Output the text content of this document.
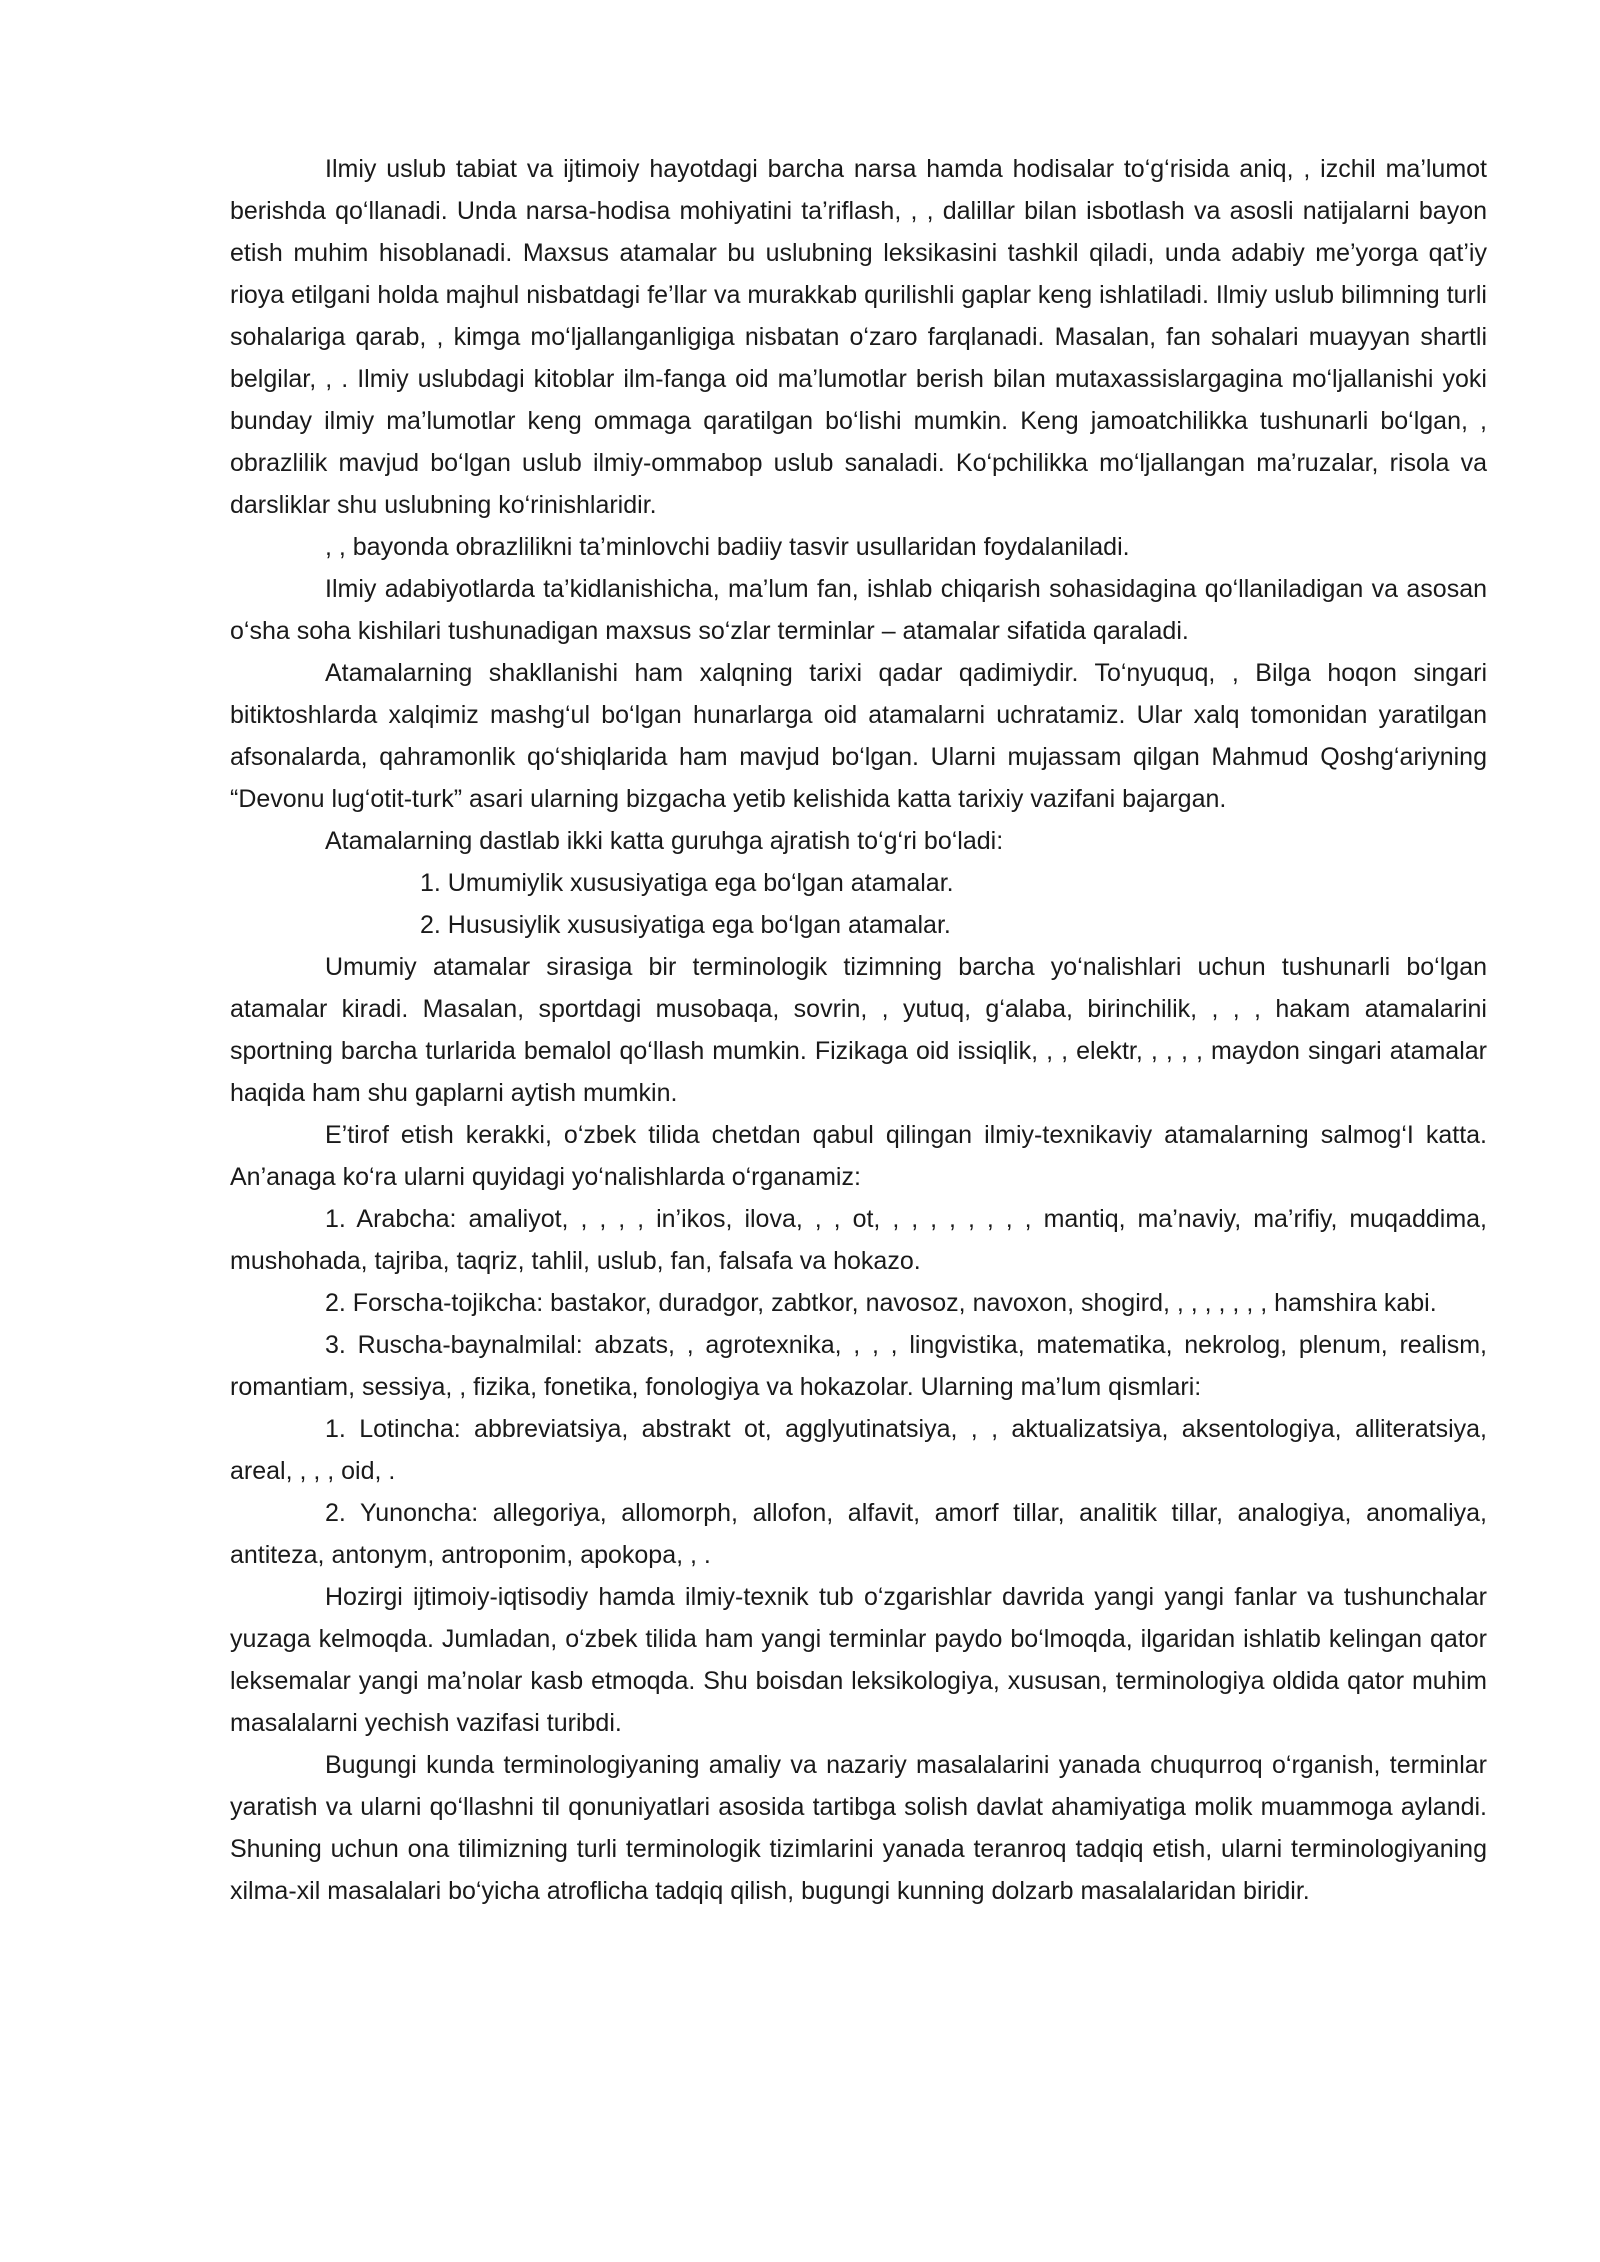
Ilmiy uslub tabiat va ijtimoiy hayotdagi barcha narsa hamda hodisalar to‘g‘risida aniq, , izchil ma’lumot berishda qo‘llanadi. Unda narsa-hodisa mohiyatini ta’riflash, , , dalillar bilan isbotlash va asosli natijalarni bayon etish muhim hisoblanadi. Maxsus atamalar bu uslubning leksikasini tashkil qiladi, unda adabiy me’yorga qat’iy rioya etilgani holda majhul nisbatdagi fe’llar va murakkab qurilishli gaplar keng ishlatiladi. Ilmiy uslub bilimning turli sohalariga qarab, , kimga mo‘ljallanganligiga nisbatan o‘zaro farqlanadi. Masalan, fan sohalari muayyan shartli belgilar, , . Ilmiy uslubdagi kitoblar ilm-fanga oid ma’lumotlar berish bilan mutaxassislargagina mo‘ljallanishi yoki bunday ilmiy ma’lumotlar keng ommaga qaratilgan bo‘lishi mumkin. Keng jamoatchilikka tushunarli bo‘lgan, , obrazlilik mavjud bo‘lgan uslub ilmiy-ommabop uslub sanaladi. Ko‘pchilikka mo‘ljallangan ma’ruzalar, risola va darsliklar shu uslubning ko‘rinishlaridir.

, , bayonda obrazlilikni ta’minlovchi badiiy tasvir usullaridan foydalaniladi.

Ilmiy adabiyotlarda ta’kidlanishicha, ma’lum fan, ishlab chiqarish sohasidagina qo‘llaniladigan va asosan o‘sha soha kishilari tushunadigan maxsus so‘zlar terminlar – atamalar sifatida qaraladi.

Atamalarning shakllanishi ham xalqning tarixi qadar qadimiydir. To‘nyuquq, , Bilga hoqon singari bitiktoshlarda xalqimiz mashg‘ul bo‘lgan hunarlarga oid atamalarni uchratamiz. Ular xalq tomonidan yaratilgan afsonalarda, qahramonlik qo‘shiqlarida ham mavjud bo‘lgan. Ularni mujassam qilgan Mahmud Qoshg‘ariyning “Devonu lug‘otit-turk” asari ularning bizgacha yetib kelishida katta tarixiy vazifani bajargan.

Atamalarning dastlab ikki katta guruhga ajratish to‘g‘ri bo‘ladi:

1. Umumiylik xususiyatiga ega bo‘lgan atamalar.

2. Hususiylik xususiyatiga ega bo‘lgan atamalar.

Umumiy atamalar sirasiga bir terminologik tizimning barcha yo‘nalishlari uchun tushunarli bo‘lgan atamalar kiradi. Masalan, sportdagi musobaqa, sovrin, , yutuq, g‘alaba, birinchilik, , , , hakam atamalarini sportning barcha turlarida bemalol qo‘llash mumkin. Fizikaga oid issiqlik, , , elektr, , , , , maydon singari atamalar haqida ham shu gaplarni aytish mumkin.

E’tirof etish kerakki, o‘zbek tilida chetdan qabul qilingan ilmiy-texnikaviy atamalarning salmog‘I katta. An’anaga ko‘ra ularni quyidagi yo‘nalishlarda o‘rganamiz:

1. Arabcha: amaliyot, , , , , in’ikos, ilova, , , ot, , , , , , , , , mantiq, ma’naviy, ma’rifiy, muqaddima, mushohada, tajriba, taqriz, tahlil, uslub, fan, falsafa va hokazo.

2. Forscha-tojikcha: bastakor, duradgor, zabtkor, navosoz, navoxon, shogird, , , , , , , , hamshira kabi.

3. Ruscha-baynalmilal: abzats, , agrotexnika, , , , lingvistika, matematika, nekrolog, plenum, realism, romantiam, sessiya, , fizika, fonetika, fonologiya va hokazolar. Ularning ma’lum qismlari:

1. Lotincha: abbreviatsiya, abstrakt ot, agglyutinatsiya, , , aktualizatsiya, aksentologiya, alliteratsiya, areal, , , , oid, .

2. Yunoncha: allegoriya, allomorph, allofon, alfavit, amorf tillar, analitik tillar, analogiya, anomaliya, antiteza, antonym, antroponim, apokopa, , .

Hozirgi ijtimoiy-iqtisodiy hamda ilmiy-texnik tub o‘zgarishlar davrida yangi yangi fanlar va tushunchalar yuzaga kelmoqda. Jumladan, o‘zbek tilida ham yangi terminlar paydo bo‘lmoqda, ilgaridan ishlatib kelingan qator leksemalar yangi ma’nolar kasb etmoqda. Shu boisdan leksikologiya, xususan, terminologiya oldida qator muhim masalalarni yechish vazifasi turibdi.

Bugungi kunda terminologiyaning amaliy va nazariy masalalarini yanada chuqurroq o‘rganish, terminlar yaratish va ularni qo‘llashni til qonuniyatlari asosida tartibga solish davlat ahamiyatiga molik muammoga aylandi. Shuning uchun ona tilimizning turli terminologik tizimlarini yanada teranroq tadqiq etish, ularni terminologiyaning xilma-xil masalalari bo‘yicha atroflicha tadqiq qilish, bugungi kunning dolzarb masalalaridan biridir.
